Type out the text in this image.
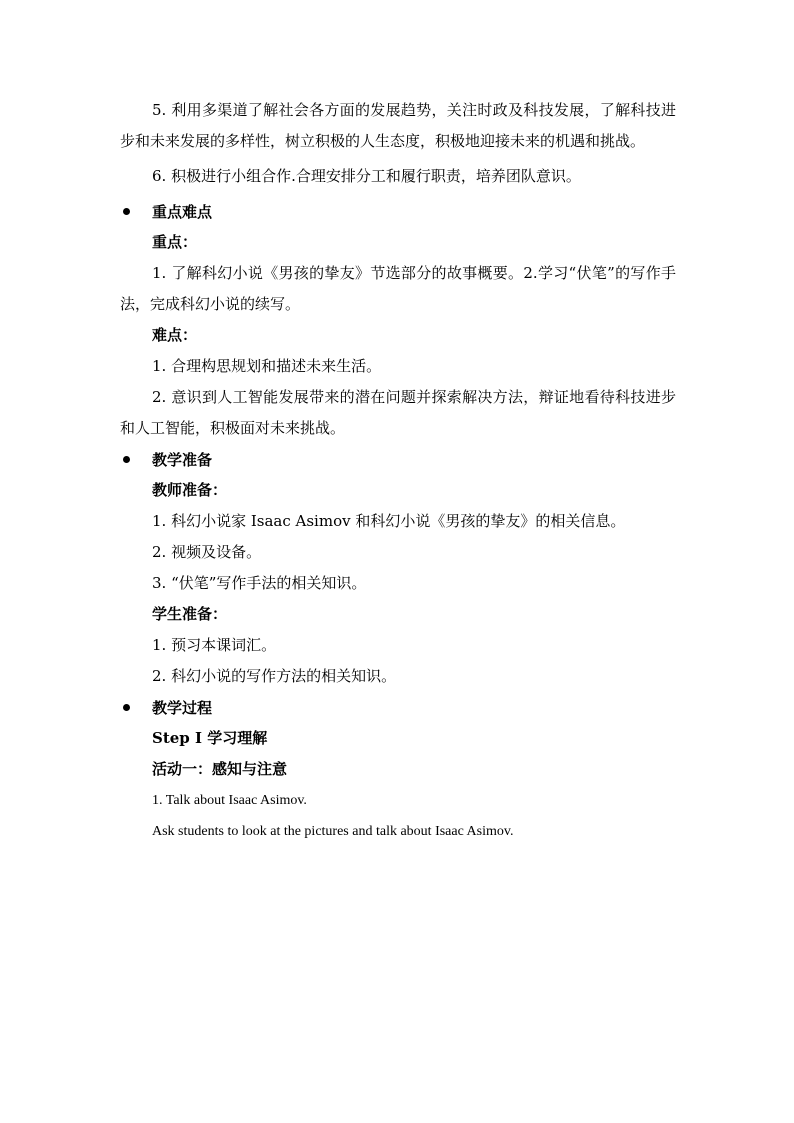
5. 利用多渠道了解社会各方面的发展趋势，关注时政及科技发展，了解科技进步和未来发展的多样性，树立积极的人生态度，积极地迎接未来的机遇和挑战。

6. 积极进行小组合作.合理安排分工和履行职责，培养团队意识。

重点难点

重点：

1. 了解科幻小说《男孩的挚友》节选部分的故事概要。2.学习“伏笔”的写作手法，完成科幻小说的续写。

难点：

1. 合理构思规划和描述未来生活。

2. 意识到人工智能发展带来的潜在问题并探索解决方法，辩证地看待科技进步和人工智能，积极面对未来挑战。

教学准备

教师准备：

1. 科幻小说家 Isaac Asimov 和科幻小说《男孩的挚友》的相关信息。

2. 视频及设备。

3. “伏笔”写作手法的相关知识。

学生准备：

1. 预习本课词汇。

2. 科幻小说的写作方法的相关知识。

教学过程

Step I 学习理解

活动一：感知与注意

1. Talk about Isaac Asimov.

Ask students to look at the pictures and talk about Isaac Asimov.
